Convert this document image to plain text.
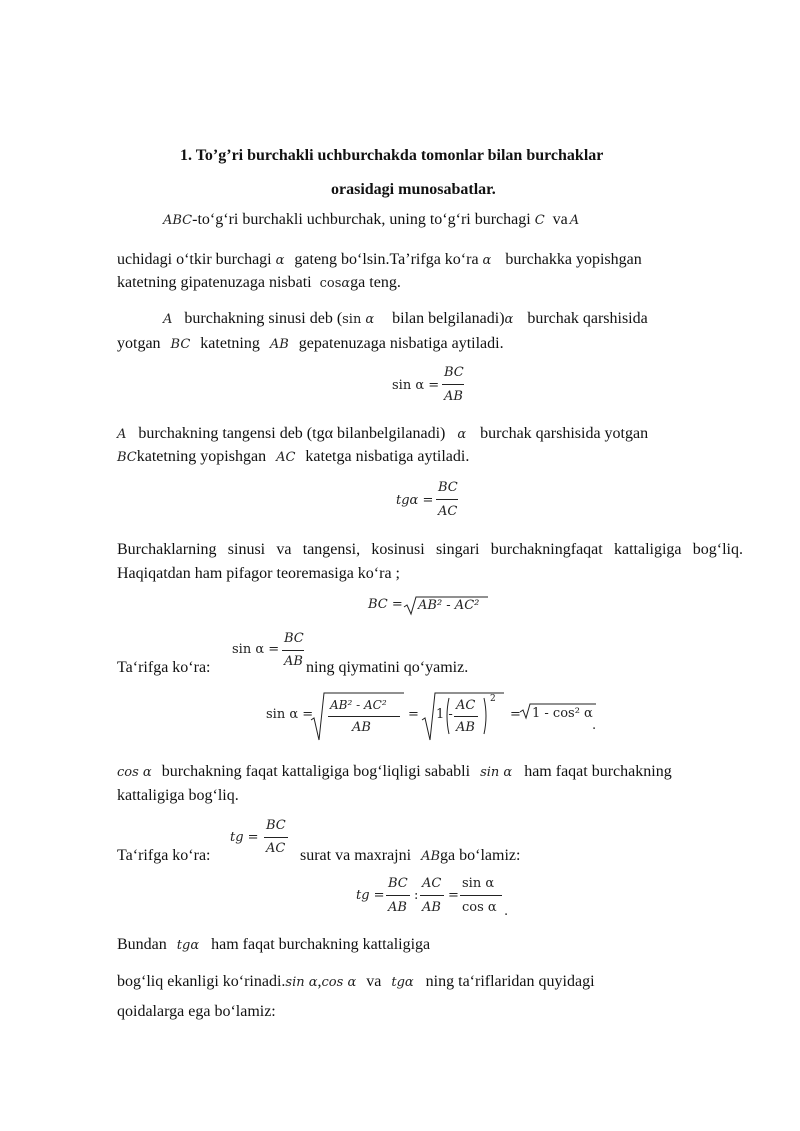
1. To’g’ri burchakli uchburchakda tomonlar bilan burchaklar
orasidagi munosabatlar.
ABC-to‘g‘ri burchakli uchburchak, uning to‘g‘ri burchagi C va A
uchidagi o‘tkir burchagi α gateng bo‘lsin.Ta’rifga ko‘ra α burchakka yopishgan
katetning gipatenuzaga nisbati cosαga teng.
A burchakning sinusi deb (sin α bilan belgilanadi)α burchak qarshisida
yotgan BC katetning AB gepatenuzaga nisbatiga aytiladi.
sin α =
BC
AB
A burchakning tangensi deb (tgα bilanbelgilanadi) α burchak qarshisida yotgan
BCkatetning yopishgan AC katetga nisbatiga aytiladi.
tgα =
BC
AC
Burchaklarning sinusi va tangensi, kosinusi singari burchakningfaqat kattaligiga bog‘liq. Haqiqatdan ham pifagor teoremasiga ko‘ra ;
BC = AB² - AC²
Ta‘rifga ko‘ra:
sin α =
BC
AB ning qiymatini qo‘yamiz.
sin α =
AB² - AC²
AB
= 1 -
AC
AB
2
= 1 - cos² α
.
cos α burchakning faqat kattaligiga bog‘liqligi sababli sin α ham faqat burchakning
kattaligiga bog‘liq.
Ta‘rifga ko‘ra:
tg =
BC
AC surat va maxrajni ABga bo‘lamiz:
tg =
BC
AB
:
AC
AB
=
sin α
cos α .
Bundan tgα ham faqat burchakning kattaligiga
bog‘liq ekanligi ko‘rinadi.sin α,cos α va tgα ning ta‘riflaridan quyidagi
qoidalarga ega bo‘lamiz:
